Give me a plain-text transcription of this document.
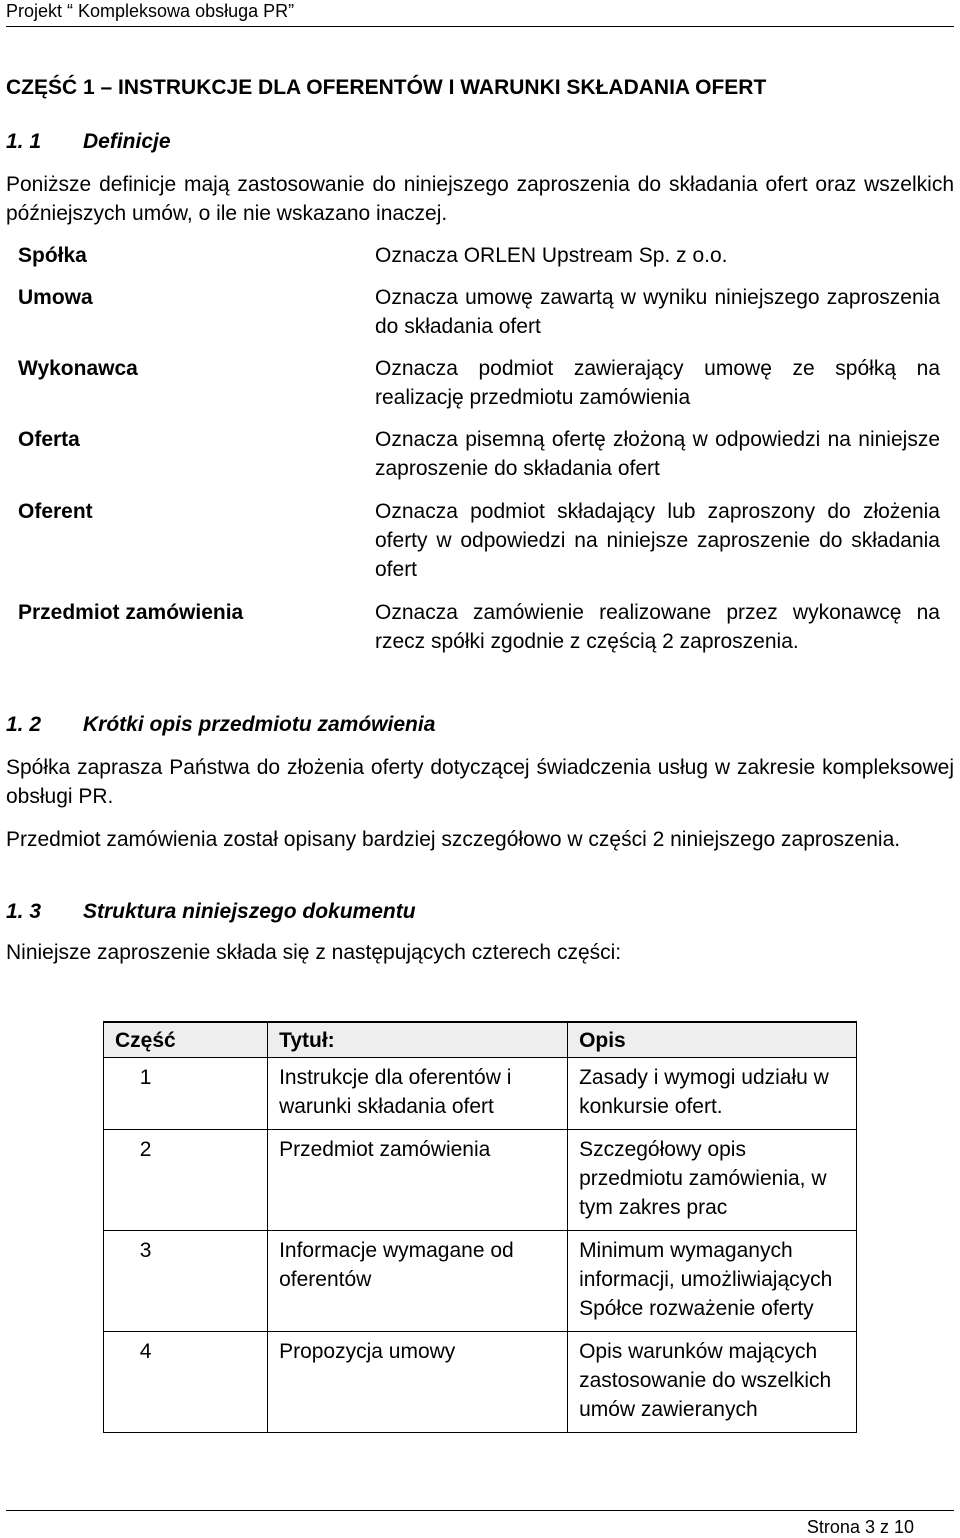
Projekt “ Kompleksowa obsługa PR”
CZĘŚĆ 1 – INSTRUKCJE DLA OFERENTÓW I WARUNKI SKŁADANIA OFERT
1. 1 Definicje
Poniższe definicje mają zastosowanie do niniejszego zaproszenia do składania ofert oraz wszelkich późniejszych umów, o ile nie wskazano inaczej.
Spółka	Oznacza ORLEN Upstream Sp. z o.o.
Umowa	Oznacza umowę zawartą w wyniku niniejszego zaproszenia do składania ofert
Wykonawca	Oznacza podmiot zawierający umowę ze spółką na realizację przedmiotu zamówienia
Oferta	Oznacza pisemną ofertę złożoną w odpowiedzi na niniejsze zaproszenie do składania ofert
Oferent	Oznacza podmiot składający lub zaproszony do złożenia oferty w odpowiedzi na niniejsze zaproszenie do składania ofert
Przedmiot zamówienia	Oznacza zamówienie realizowane przez wykonawcę na rzecz spółki zgodnie z częścią 2 zaproszenia.
1. 2 Krótki opis przedmiotu zamówienia
Spółka zaprasza Państwa do złożenia oferty dotyczącej świadczenia usług w zakresie kompleksowej obsługi PR.
Przedmiot zamówienia został opisany bardziej szczegółowo w części 2 niniejszego zaproszenia.
1. 3 Struktura niniejszego dokumentu
Niniejsze zaproszenie składa się z następujących czterech części:
Część	Tytuł:	Opis
1	Instrukcje dla oferentów i warunki składania ofert	Zasady i wymogi udziału w konkursie ofert.
2	Przedmiot zamówienia	Szczegółowy opis przedmiotu zamówienia, w tym zakres prac
3	Informacje wymagane od oferentów	Minimum wymaganych informacji, umożliwiających Spółce rozważenie oferty
4	Propozycja umowy	Opis warunków mających zastosowanie do wszelkich umów zawieranych
Strona 3 z 10
